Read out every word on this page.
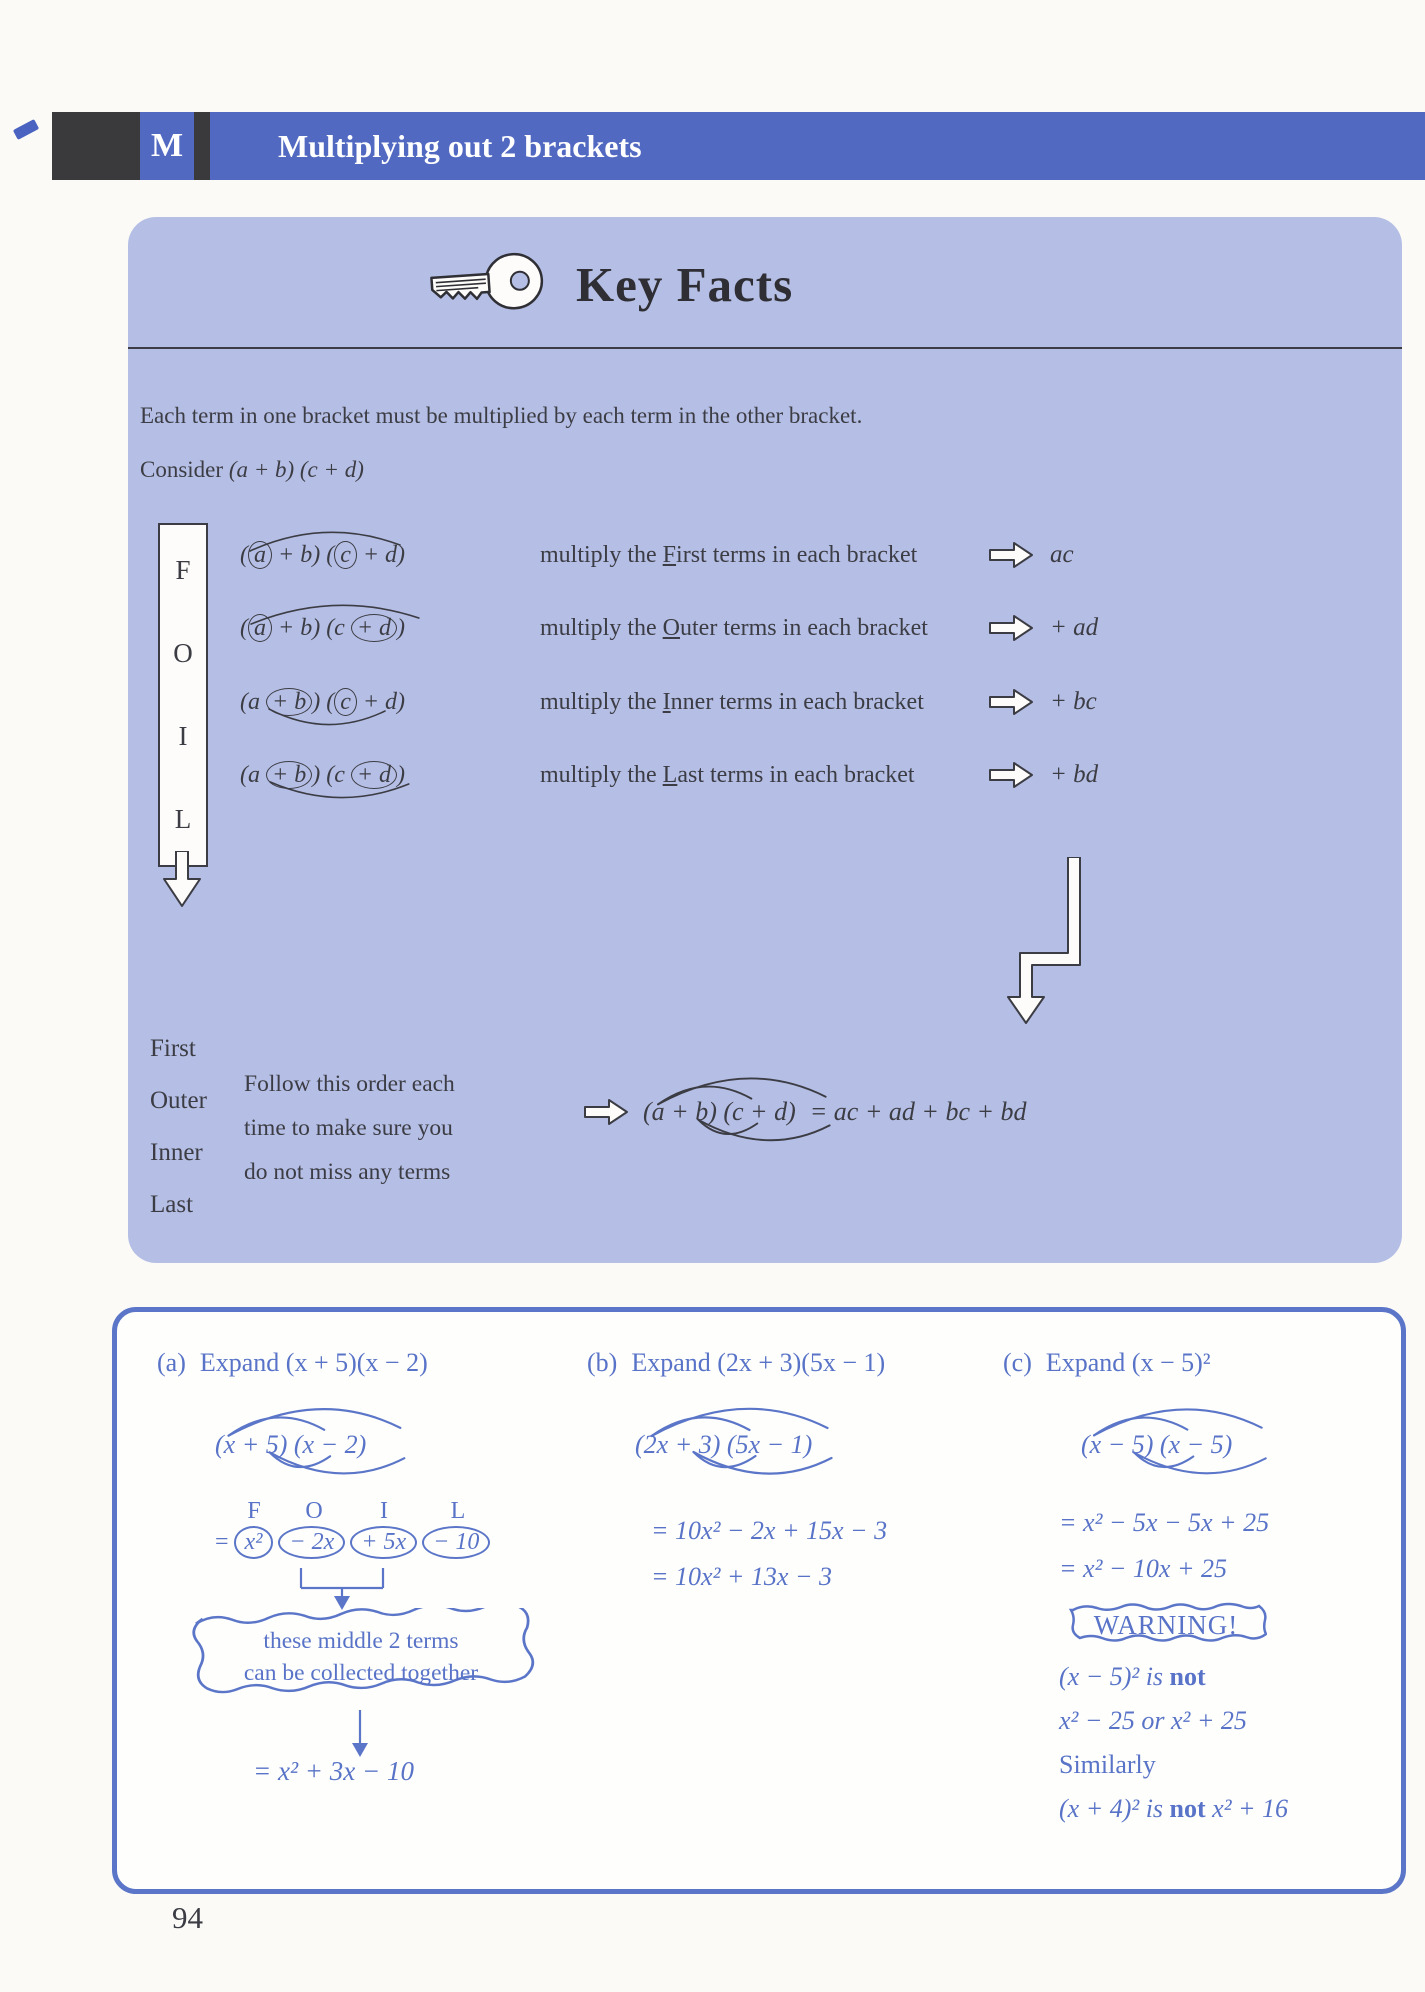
M	Multiplying out 2 brackets
Key Facts

Each term in one bracket must be multiplied by each term in the other bracket.

Consider (a + b) (c + d)

F
O
I
L
( a + b) ( c + d)	multiply the First terms in each bracket	ac
( a + b) (c + d )	multiply the Outer terms in each bracket	+ ad
(a + b ) ( c + d)	multiply the Inner terms in each bracket	+ bc
(a + b ) (c + d )	multiply the Last terms in each bracket	+ bd
First
Outer
Inner
Last
Follow this order each
time to make sure you
do not miss any terms
(a + b) (c + d) = ac + ad + bc + bd
(a) Expand (x + 5)(x − 2)	(b) Expand (2x + 3)(5x − 1)	(c) Expand (x − 5)²
(x + 5) (x − 2)
F O I	L
= x²	− 2x	+ 5x	− 10
these middle 2 terms
can be collected together
= x² + 3x − 10
(2x + 3) (5x − 1)
= 10x² − 2x + 15x − 3
= 10x² + 13x − 3
(x − 5) (x − 5)
= x² − 5x − 5x + 25
= x² − 10x + 25
WARNING!
(x − 5)² is not
x² − 25 or x² + 25
Similarly
(x + 4)² is not x² + 16
94
